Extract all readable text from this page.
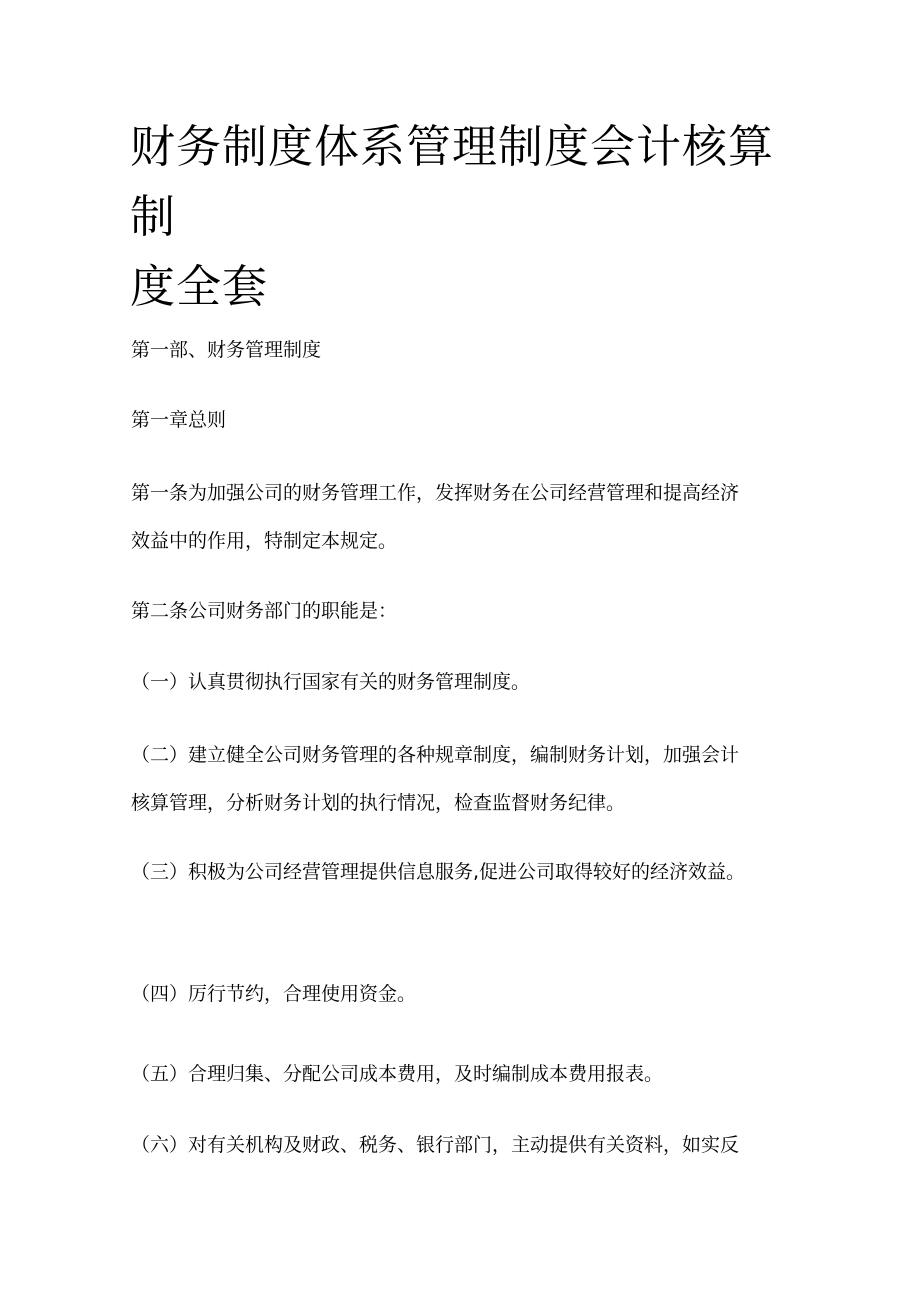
财务制度体系管理制度会计核算制
度全套

第一部、财务管理制度

第一章总则

第一条为加强公司的财务管理工作，发挥财务在公司经营管理和提高经济
效益中的作用，特制定本规定。

第二条公司财务部门的职能是：

（一）认真贯彻执行国家有关的财务管理制度。

（二）建立健全公司财务管理的各种规章制度，编制财务计划，加强会计
核算管理，分析财务计划的执行情况，检查监督财务纪律。

（三）积极为公司经营管理提供信息服务,促进公司取得较好的经济效益。

（四）厉行节约，合理使用资金。

（五）合理归集、分配公司成本费用，及时编制成本费用报表。

（六）对有关机构及财政、税务、银行部门，主动提供有关资料，如实反
